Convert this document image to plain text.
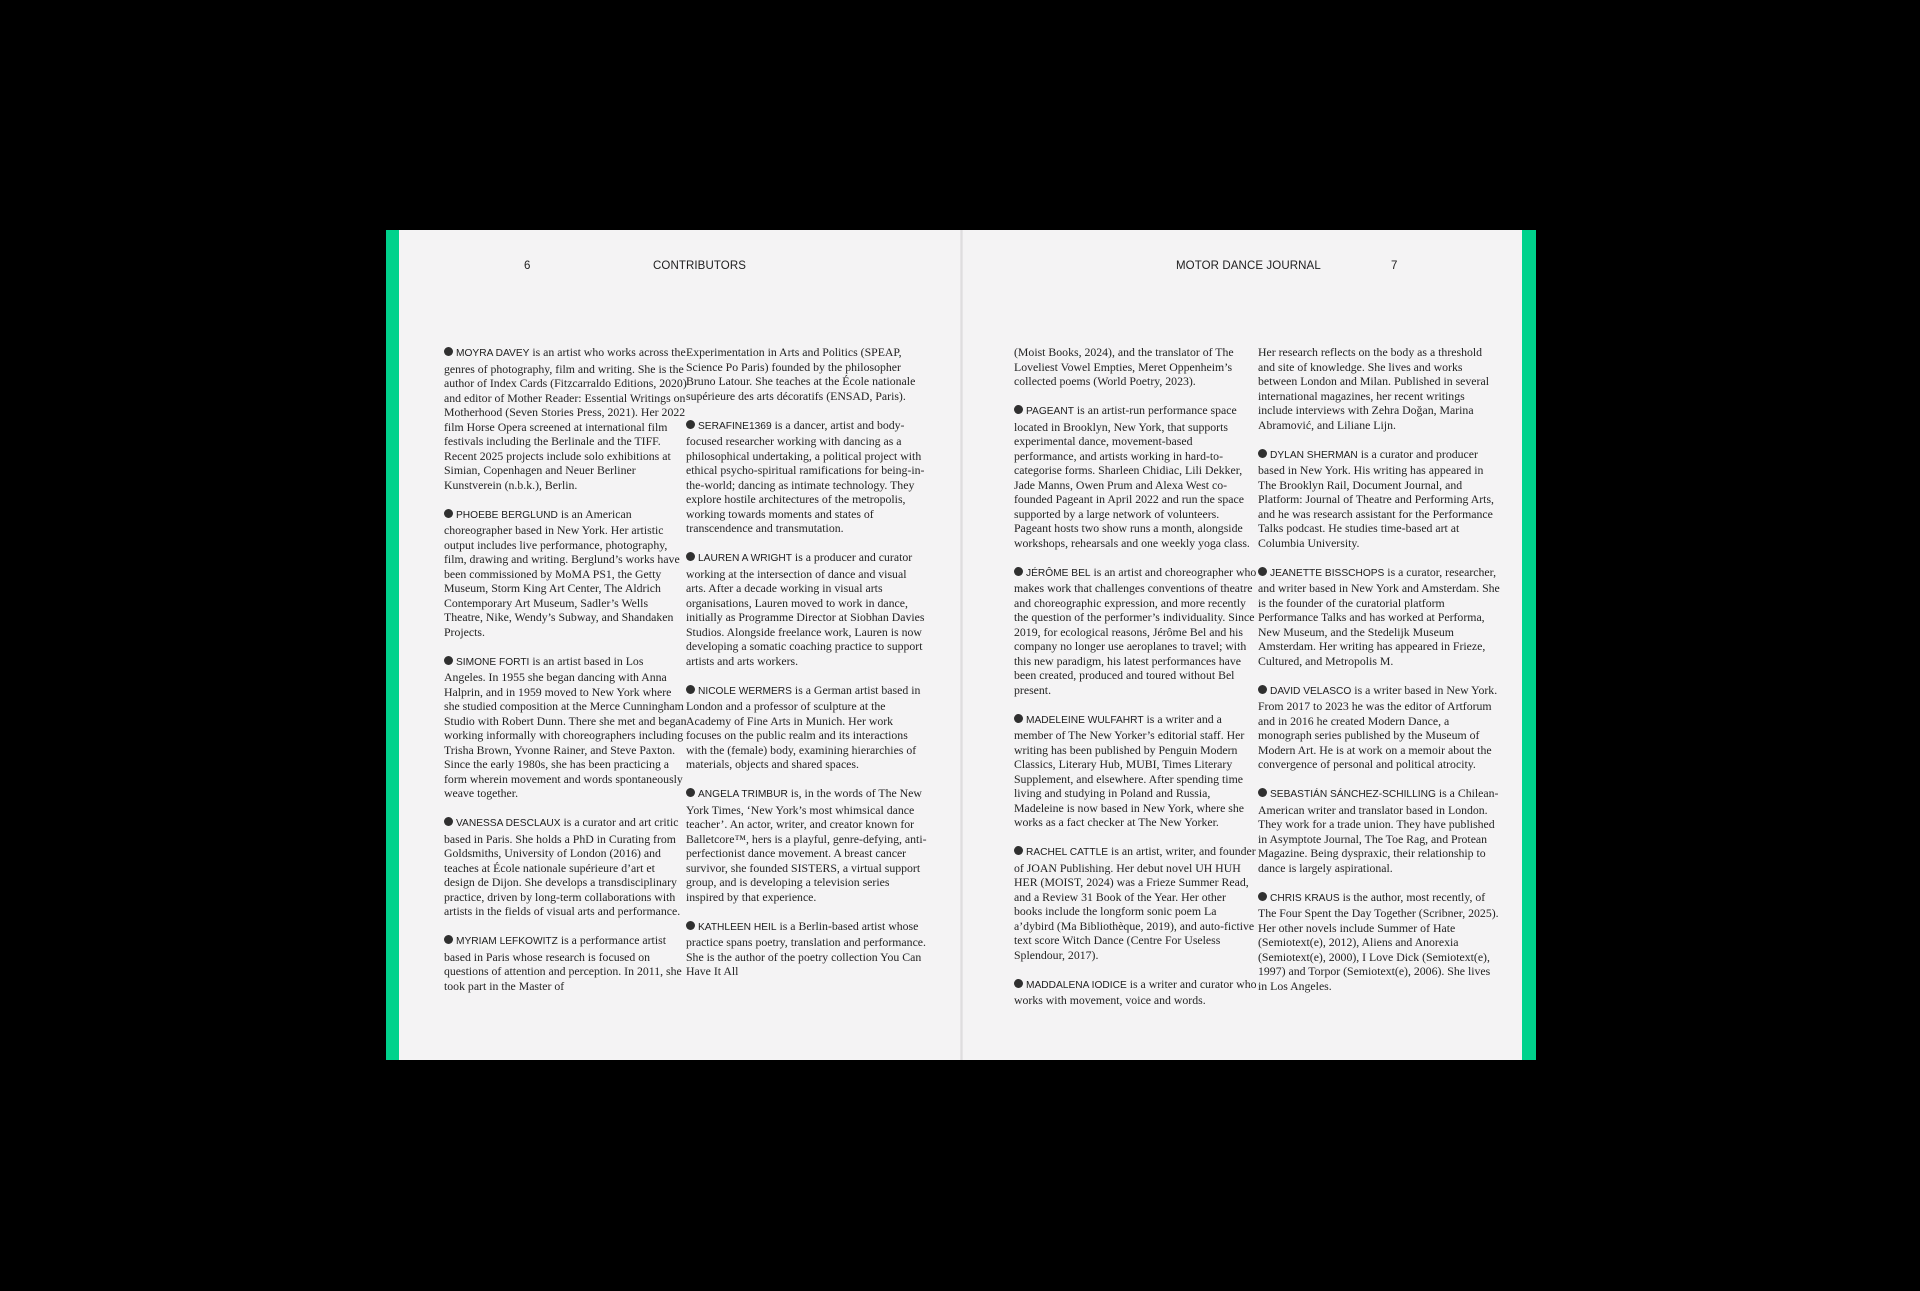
6	CONTRIBUTORS	MOTOR DANCE JOURNAL	7
MOYRA DAVEY is an artist who works across the genres of photography, film and writing. She is the author of Index Cards (Fitzcarraldo Editions, 2020) and editor of Mother Reader: Essential Writings on Motherhood (Seven Stories Press, 2021). Her 2022 film Horse Opera screened at international film festivals including the Berlinale and the TIFF. Recent 2025 projects include solo exhibitions at Simian, Copenhagen and Neuer Berliner Kunstverein (n.b.k.), Berlin.
PHOEBE BERGLUND is an American choreographer based in New York. Her artistic output includes live performance, photography, film, drawing and writing. Berglund’s works have been commissioned by MoMA PS1, the Getty Museum, Storm King Art Center, The Aldrich Contemporary Art Museum, Sadler’s Wells Theatre, Nike, Wendy’s Subway, and Shandaken Projects.
SIMONE FORTI is an artist based in Los Angeles. In 1955 she began dancing with Anna Halprin, and in 1959 moved to New York where she studied composition at the Merce Cunningham Studio with Robert Dunn. There she met and began working informally with choreographers including Trisha Brown, Yvonne Rainer, and Steve Paxton. Since the early 1980s, she has been practicing a form wherein movement and words spontaneously weave together.
VANESSA DESCLAUX is a curator and art critic based in Paris. She holds a PhD in Curating from Goldsmiths, University of London (2016) and teaches at École nationale supérieure d’art et design de Dijon. She develops a transdisciplinary practice, driven by long-term collaborations with artists in the fields of visual arts and performance.
MYRIAM LEFKOWITZ is a performance artist based in Paris whose research is focused on questions of attention and perception. In 2011, she took part in the Master of
Experimentation in Arts and Politics (SPEAP, Science Po Paris) founded by the philosopher Bruno Latour. She teaches at the École nationale supérieure des arts décoratifs (ENSAD, Paris).
SERAFINE1369 is a dancer, artist and body-focused researcher working with dancing as a philosophical undertaking, a political project with ethical psycho-spiritual ramifications for being-in-the-world; dancing as intimate technology. They explore hostile architectures of the metropolis, working towards moments and states of transcendence and transmutation.
LAUREN A WRIGHT is a producer and curator working at the intersection of dance and visual arts. After a decade working in visual arts organisations, Lauren moved to work in dance, initially as Programme Director at Siobhan Davies Studios. Alongside freelance work, Lauren is now developing a somatic coaching practice to support artists and arts workers.
NICOLE WERMERS is a German artist based in London and a professor of sculpture at the Academy of Fine Arts in Munich. Her work focuses on the public realm and its interactions with the (female) body, examining hierarchies of materials, objects and shared spaces.
ANGELA TRIMBUR is, in the words of The New York Times, ‘New York’s most whimsical dance teacher’. An actor, writer, and creator known for Balletcore™, hers is a playful, genre-defying, anti-perfectionist dance movement. A breast cancer survivor, she founded SISTERS, a virtual support group, and is developing a television series inspired by that experience.
KATHLEEN HEIL is a Berlin-based artist whose practice spans poetry, translation and performance. She is the author of the poetry collection You Can Have It All
(Moist Books, 2024), and the translator of The Loveliest Vowel Empties, Meret Oppenheim’s collected poems (World Poetry, 2023).
PAGEANT is an artist-run performance space located in Brooklyn, New York, that supports experimental dance, movement-based performance, and artists working in hard-to-categorise forms. Sharleen Chidiac, Lili Dekker, Jade Manns, Owen Prum and Alexa West co-founded Pageant in April 2022 and run the space supported by a large network of volunteers. Pageant hosts two show runs a month, alongside workshops, rehearsals and one weekly yoga class.
JÉRÔME BEL is an artist and choreographer who makes work that challenges conventions of theatre and choreographic expression, and more recently the question of the performer’s individuality. Since 2019, for ecological reasons, Jérôme Bel and his company no longer use aeroplanes to travel; with this new paradigm, his latest performances have been created, produced and toured without Bel present.
MADELEINE WULFAHRT is a writer and a member of The New Yorker’s editorial staff. Her writing has been published by Penguin Modern Classics, Literary Hub, MUBI, Times Literary Supplement, and elsewhere. After spending time living and studying in Poland and Russia, Madeleine is now based in New York, where she works as a fact checker at The New Yorker.
RACHEL CATTLE is an artist, writer, and founder of JOAN Publishing. Her debut novel UH HUH HER (MOIST, 2024) was a Frieze Summer Read, and a Review 31 Book of the Year. Her other books include the longform sonic poem La a’dybird (Ma Bibliothèque, 2019), and auto-fictive text score Witch Dance (Centre For Useless Splendour, 2017).
MADDALENA IODICE is a writer and curator who works with movement, voice and words.
Her research reflects on the body as a threshold and site of knowledge. She lives and works between London and Milan. Published in several international magazines, her recent writings include interviews with Zehra Doğan, Marina Abramović, and Liliane Lijn.
DYLAN SHERMAN is a curator and producer based in New York. His writing has appeared in The Brooklyn Rail, Document Journal, and Platform: Journal of Theatre and Performing Arts, and he was research assistant for the Performance Talks podcast. He studies time-based art at Columbia University.
JEANETTE BISSCHOPS is a curator, researcher, and writer based in New York and Amsterdam. She is the founder of the curatorial platform Performance Talks and has worked at Performa, New Museum, and the Stedelijk Museum Amsterdam. Her writing has appeared in Frieze, Cultured, and Metropolis M.
DAVID VELASCO is a writer based in New York. From 2017 to 2023 he was the editor of Artforum and in 2016 he created Modern Dance, a monograph series published by the Museum of Modern Art. He is at work on a memoir about the convergence of personal and political atrocity.
SEBASTIÁN SÁNCHEZ-SCHILLING is a Chilean-American writer and translator based in London. They work for a trade union. They have published in Asymptote Journal, The Toe Rag, and Protean Magazine. Being dyspraxic, their relationship to dance is largely aspirational.
CHRIS KRAUS is the author, most recently, of The Four Spent the Day Together (Scribner, 2025). Her other novels include Summer of Hate (Semiotext(e), 2012), Aliens and Anorexia (Semiotext(e), 2000), I Love Dick (Semiotext(e), 1997) and Torpor (Semiotext(e), 2006). She lives in Los Angeles.
